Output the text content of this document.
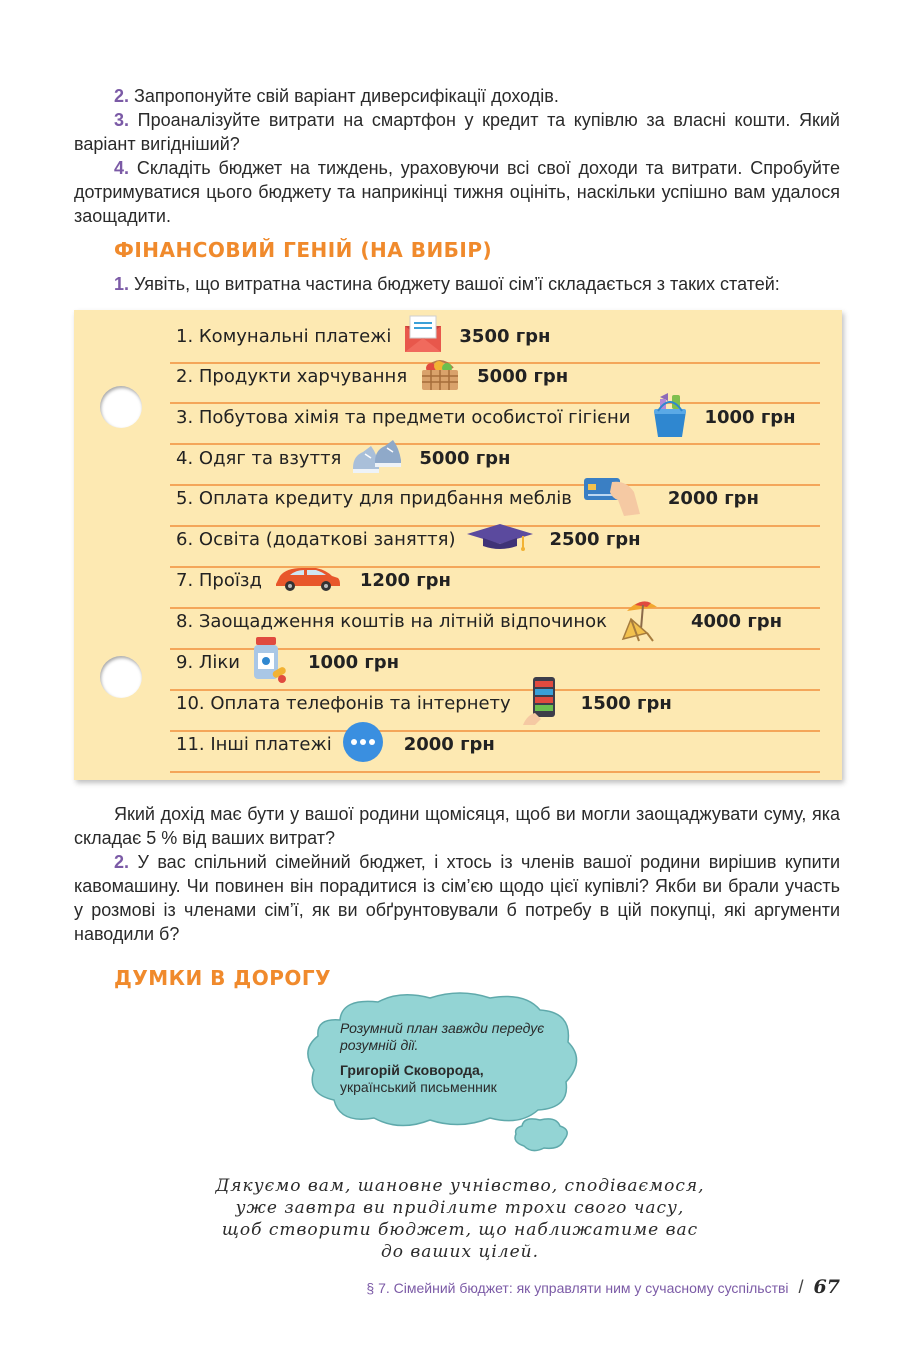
2. Запропонуйте свій варіант диверсифікації доходів.

3. Проаналізуйте витрати на смартфон у кредит та купівлю за власні кошти. Який варіант вигідніший?

4. Складіть бюджет на тиждень, ураховуючи всі свої доходи та витрати. Спробуйте дотримуватися цього бюджету та наприкінці тижня оцініть, наскільки успішно вам удалося заощадити.

ФІНАНСОВИЙ ГЕНІЙ (НА ВИБІР)

1. Уявіть, що витратна частина бюджету вашої сім’ї складається з таких статей:

1. Комунальні платежі	3500 грн
2. Продукти харчування	5000 грн
3. Побутова хімія та предмети особистої гігієни	1000 грн
4. Одяг та взуття	5000 грн
5. Оплата кредиту для придбання меблів	2000 грн
6. Освіта (додаткові заняття)	2500 грн
7. Проїзд	1200 грн
8. Заощадження коштів на літній відпочинок	4000 грн
9. Ліки	1000 грн
10. Оплата телефонів та інтернету	1500 грн
11. Інші платежі	2000 грн

Який дохід має бути у вашої родини щомісяця, щоб ви могли заощаджувати суму, яка складає 5 % від ваших витрат?

2. У вас спільний сімейний бюджет, і хтось із членів вашої родини вирішив купити кавомашину. Чи повинен він порадитися із сім’єю щодо цієї купівлі? Якби ви брали участь у розмові із членами сім’ї, як ви обґрунтовували б потребу в цій покупці, які аргументи наводили б?

ДУМКИ В ДОРОГУ
Розумний план завжди передує розумній дії.
Григорій Сковорода,
український письменник
Дякуємо вам, шановне учнівство, сподіваємося,
уже завтра ви приділите трохи свого часу,
щоб створити бюджет, що наближатиме вас
до ваших цілей.
§ 7. Сімейний бюджет: як управляти ним у сучасному суспільстві / 67
